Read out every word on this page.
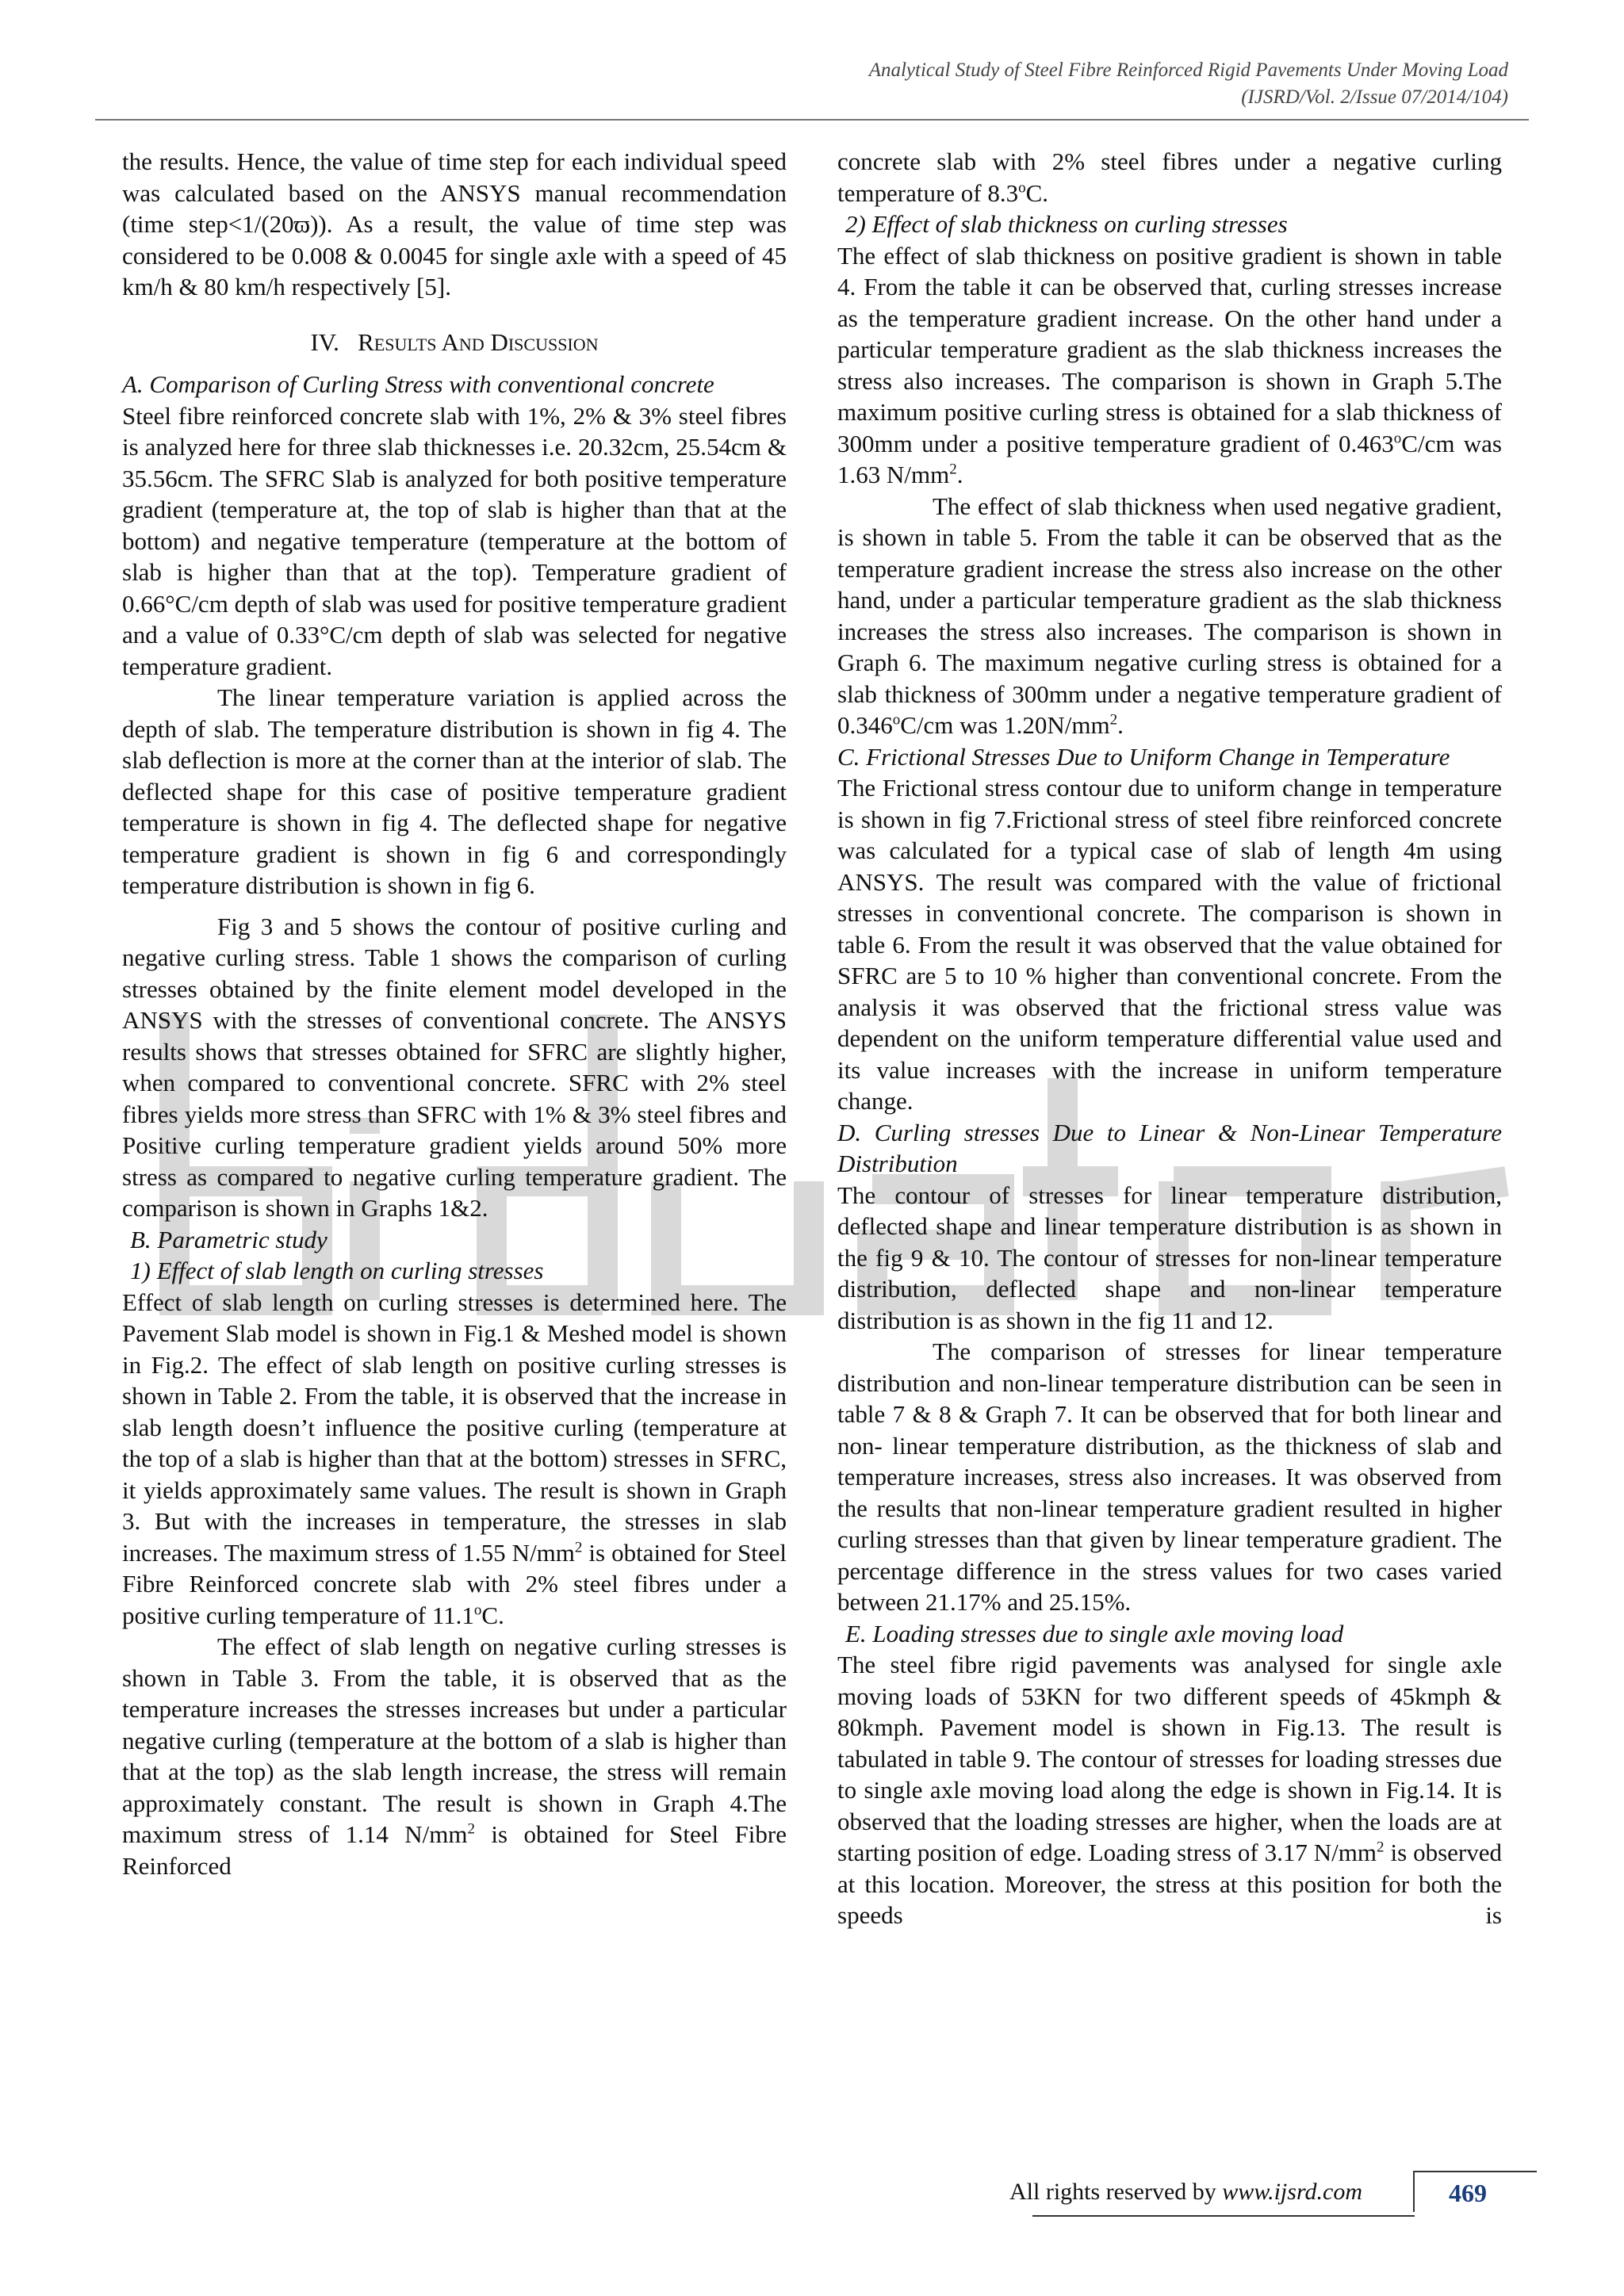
Analytical Study of Steel Fibre Reinforced Rigid Pavements Under Moving Load
(IJSRD/Vol. 2/Issue 07/2014/104)

the results. Hence, the value of time step for each individual speed was calculated based on the ANSYS manual recommendation (time step<1/(20ϖ)). As a result, the value of time step was considered to be 0.008 & 0.0045 for single axle with a speed of 45 km/h & 80 km/h respectively [5].

IV. Results And Discussion

A. Comparison of Curling Stress with conventional concrete

Steel fibre reinforced concrete slab with 1%, 2% & 3% steel fibres is analyzed here for three slab thicknesses i.e. 20.32cm, 25.54cm & 35.56cm. The SFRC Slab is analyzed for both positive temperature gradient (temperature at, the top of slab is higher than that at the bottom) and negative temperature (temperature at the bottom of slab is higher than that at the top). Temperature gradient of 0.66°C/cm depth of slab was used for positive temperature gradient and a value of 0.33°C/cm depth of slab was selected for negative temperature gradient.

The linear temperature variation is applied across the depth of slab. The temperature distribution is shown in fig 4. The slab deflection is more at the corner than at the interior of slab. The deflected shape for this case of positive temperature gradient temperature is shown in fig 4. The deflected shape for negative temperature gradient is shown in fig 6 and correspondingly temperature distribution is shown in fig 6.

Fig 3 and 5 shows the contour of positive curling and negative curling stress. Table 1 shows the comparison of curling stresses obtained by the finite element model developed in the ANSYS with the stresses of conventional concrete. The ANSYS results shows that stresses obtained for SFRC are slightly higher, when compared to conventional concrete. SFRC with 2% steel fibres yields more stress than SFRC with 1% & 3% steel fibres and Positive curling temperature gradient yields around 50% more stress as compared to negative curling temperature gradient. The comparison is shown in Graphs 1&2.

B. Parametric study

1) Effect of slab length on curling stresses

Effect of slab length on curling stresses is determined here. The Pavement Slab model is shown in Fig.1 & Meshed model is shown in Fig.2. The effect of slab length on positive curling stresses is shown in Table 2. From the table, it is observed that the increase in slab length doesn’t influence the positive curling (temperature at the top of a slab is higher than that at the bottom) stresses in SFRC, it yields approximately same values. The result is shown in Graph 3. But with the increases in temperature, the stresses in slab increases. The maximum stress of 1.55 $N/mm^2$ is obtained for Steel Fibre Reinforced concrete slab with 2% steel fibres under a positive curling temperature of 11.1$^o$C.

The effect of slab length on negative curling stresses is shown in Table 3. From the table, it is observed that as the temperature increases the stresses increases but under a particular negative curling (temperature at the bottom of a slab is higher than that at the top) as the slab length increase, the stress will remain approximately constant. The result is shown in Graph 4.The maximum stress of 1.14 $N/mm^2$ is obtained for Steel Fibre Reinforced

concrete slab with 2% steel fibres under a negative curling temperature of 8.3$^o$C.

2) Effect of slab thickness on curling stresses

The effect of slab thickness on positive gradient is shown in table 4. From the table it can be observed that, curling stresses increase as the temperature gradient increase. On the other hand under a particular temperature gradient as the slab thickness increases the stress also increases. The comparison is shown in Graph 5.The maximum positive curling stress is obtained for a slab thickness of 300mm under a positive temperature gradient of 0.463$^o$C/cm was 1.63 $N/mm^2$.

The effect of slab thickness when used negative gradient, is shown in table 5. From the table it can be observed that as the temperature gradient increase the stress also increase on the other hand, under a particular temperature gradient as the slab thickness increases the stress also increases. The comparison is shown in Graph 6. The maximum negative curling stress is obtained for a slab thickness of 300mm under a negative temperature gradient of 0.346$^o$C/cm was $1.20N/mm^2$.

C. Frictional Stresses Due to Uniform Change in Temperature

The Frictional stress contour due to uniform change in temperature is shown in fig 7.Frictional stress of steel fibre reinforced concrete was calculated for a typical case of slab of length 4m using ANSYS. The result was compared with the value of frictional stresses in conventional concrete. The comparison is shown in table 6. From the result it was observed that the value obtained for SFRC are 5 to 10 % higher than conventional concrete. From the analysis it was observed that the frictional stress value was dependent on the uniform temperature differential value used and its value increases with the increase in uniform temperature change.

D. Curling stresses Due to Linear & Non-Linear Temperature Distribution

The contour of stresses for linear temperature distribution, deflected shape and linear temperature distribution is as shown in the fig 9 & 10. The contour of stresses for non-linear temperature distribution, deflected shape and non-linear temperature distribution is as shown in the fig 11 and 12.

The comparison of stresses for linear temperature distribution and non-linear temperature distribution can be seen in table 7 & 8 & Graph 7. It can be observed that for both linear and non- linear temperature distribution, as the thickness of slab and temperature increases, stress also increases. It was observed from the results that non-linear temperature gradient resulted in higher curling stresses than that given by linear temperature gradient. The percentage difference in the stress values for two cases varied between 21.17% and 25.15%.

E. Loading stresses due to single axle moving load

The steel fibre rigid pavements was analysed for single axle moving loads of 53KN for two different speeds of 45kmph & 80kmph. Pavement model is shown in Fig.13. The result is tabulated in table 9. The contour of stresses for loading stresses due to single axle moving load along the edge is shown in Fig.14. It is observed that the loading stresses are higher, when the loads are at starting position of edge. Loading stress of 3.17 $N/mm^2$ is observed at this location. Moreover, the stress at this position for both the speeds is

All rights reserved by www.ijsrd.com	469
